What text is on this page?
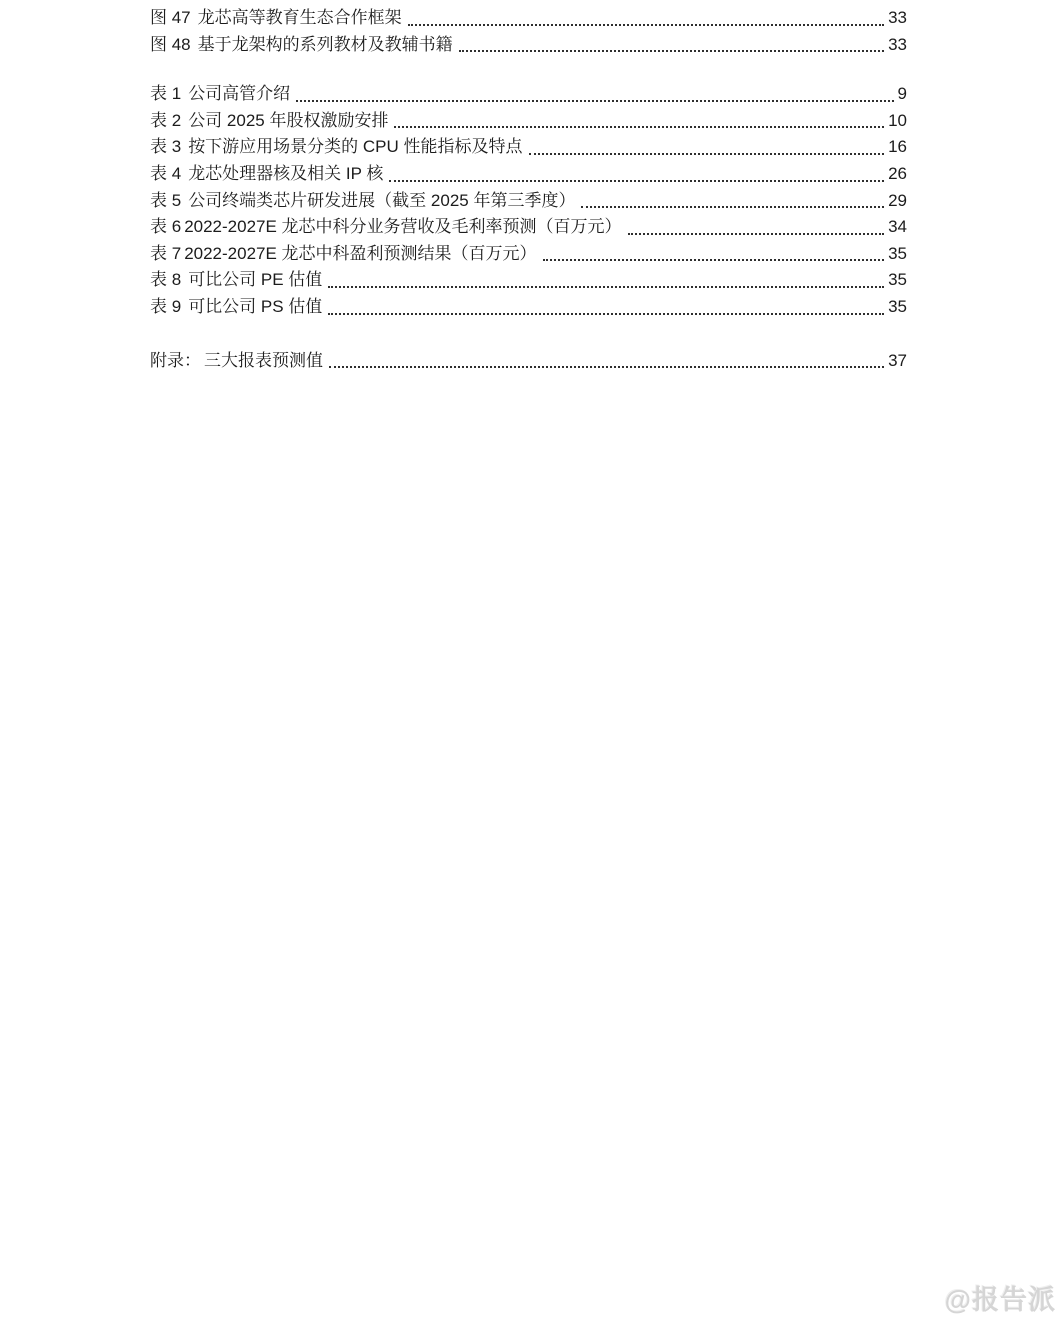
图 47 龙芯高等教育生态合作框架	33
图 48 基于龙架构的系列教材及教辅书籍	33
表 1 公司高管介绍	9
表 2 公司 2025 年股权激励安排	10
表 3 按下游应用场景分类的 CPU 性能指标及特点	16
表 4 龙芯处理器核及相关 IP 核	26
表 5 公司终端类芯片研发进展（截至 2025 年第三季度）	29
表 6 2022-2027E 龙芯中科分业务营收及毛利率预测（百万元）	34
表 7 2022-2027E 龙芯中科盈利预测结果（百万元）	35
表 8 可比公司 PE 估值	35
表 9 可比公司 PS 估值	35
附录： 三大报表预测值	37
@报告派
